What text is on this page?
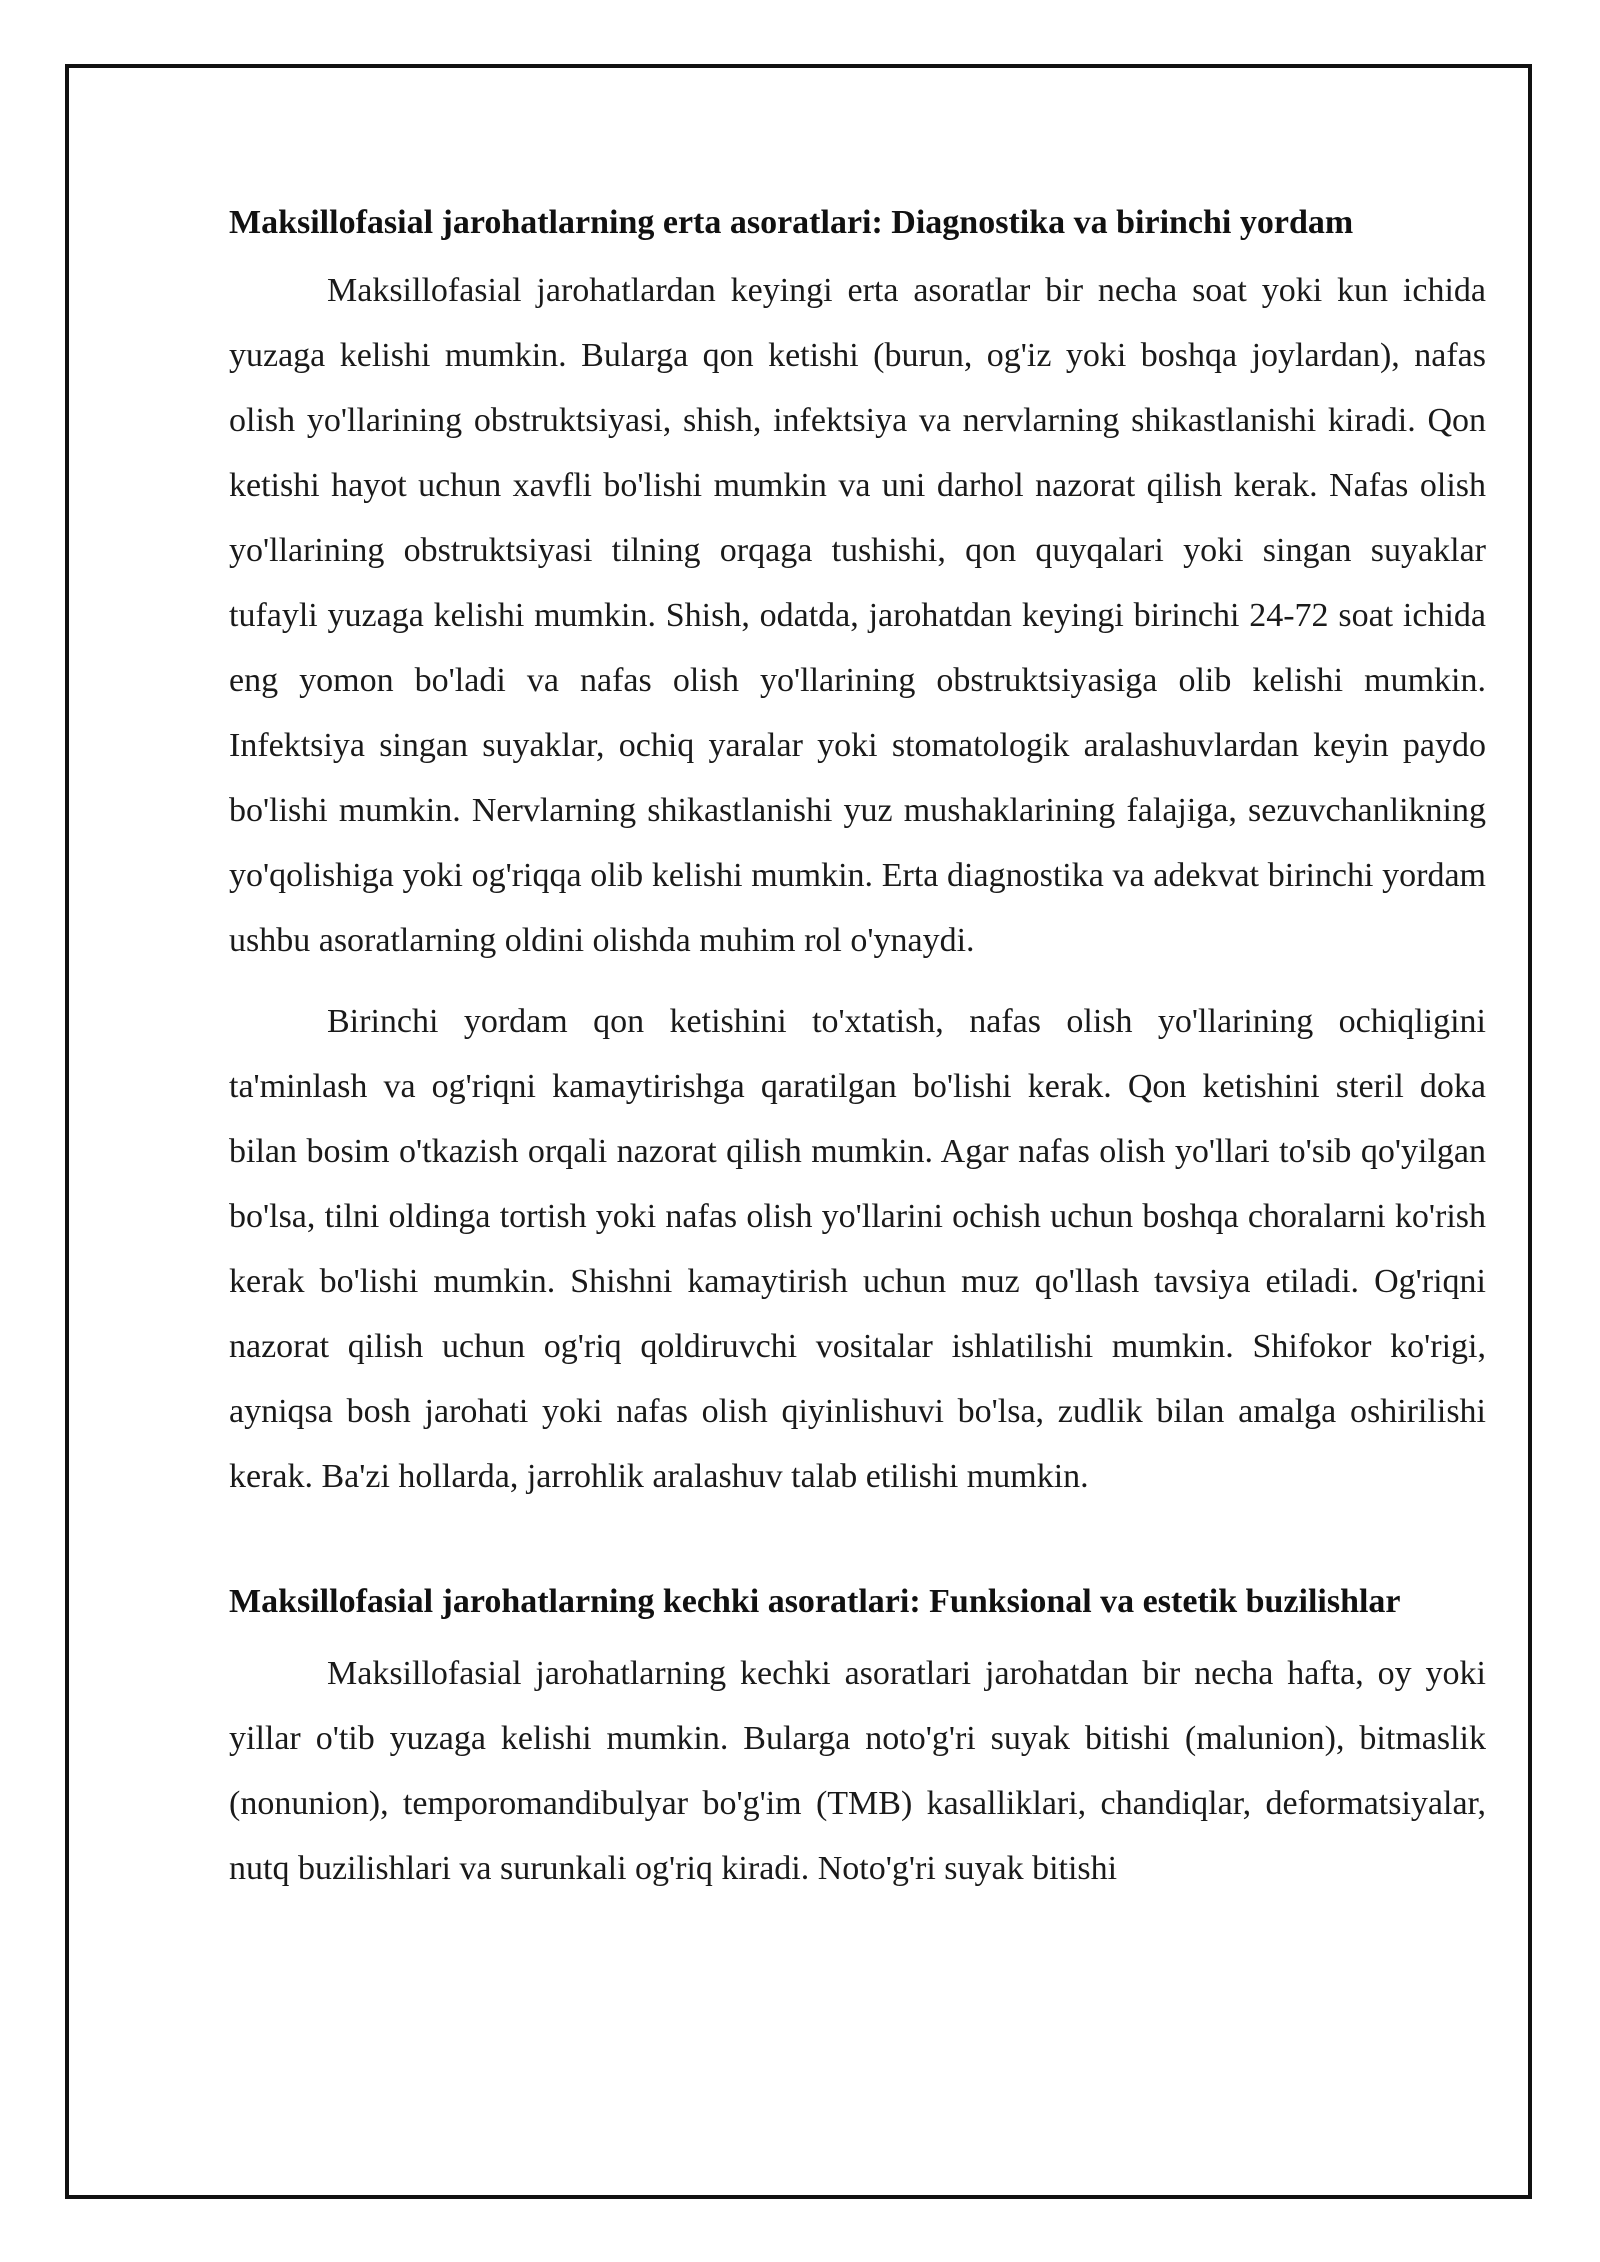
Maksillofasial jarohatlarning erta asoratlari: Diagnostika va birinchi yordam

Maksillofasial jarohatlardan keyingi erta asoratlar bir necha soat yoki kun ichida yuzaga kelishi mumkin. Bularga qon ketishi (burun, og'iz yoki boshqa joylardan), nafas olish yo'llarining obstruktsiyasi, shish, infektsiya va nervlarning shikastlanishi kiradi. Qon ketishi hayot uchun xavfli bo'lishi mumkin va uni darhol nazorat qilish kerak. Nafas olish yo'llarining obstruktsiyasi tilning orqaga tushishi, qon quyqalari yoki singan suyaklar tufayli yuzaga kelishi mumkin. Shish, odatda, jarohatdan keyingi birinchi 24-72 soat ichida eng yomon bo'ladi va nafas olish yo'llarining obstruktsiyasiga olib kelishi mumkin. Infektsiya singan suyaklar, ochiq yaralar yoki stomatologik aralashuvlardan keyin paydo bo'lishi mumkin. Nervlarning shikastlanishi yuz mushaklarining falajiga, sezuvchanlikning yo'qolishiga yoki og'riqqa olib kelishi mumkin. Erta diagnostika va adekvat birinchi yordam ushbu asoratlarning oldini olishda muhim rol o'ynaydi.

Birinchi yordam qon ketishini to'xtatish, nafas olish yo'llarining ochiqligini ta'minlash va og'riqni kamaytirishga qaratilgan bo'lishi kerak. Qon ketishini steril doka bilan bosim o'tkazish orqali nazorat qilish mumkin. Agar nafas olish yo'llari to'sib qo'yilgan bo'lsa, tilni oldinga tortish yoki nafas olish yo'llarini ochish uchun boshqa choralarni ko'rish kerak bo'lishi mumkin. Shishni kamaytirish uchun muz qo'llash tavsiya etiladi. Og'riqni nazorat qilish uchun og'riq qoldiruvchi vositalar ishlatilishi mumkin. Shifokor ko'rigi, ayniqsa bosh jarohati yoki nafas olish qiyinlishuvi bo'lsa, zudlik bilan amalga oshirilishi kerak. Ba'zi hollarda, jarrohlik aralashuv talab etilishi mumkin.

Maksillofasial jarohatlarning kechki asoratlari: Funksional va estetik buzilishlar

Maksillofasial jarohatlarning kechki asoratlari jarohatdan bir necha hafta, oy yoki yillar o'tib yuzaga kelishi mumkin. Bularga noto'g'ri suyak bitishi (malunion), bitmaslik (nonunion), temporomandibulyar bo'g'im (TMB) kasalliklari, chandiqlar, deformatsiyalar, nutq buzilishlari va surunkali og'riq kiradi. Noto'g'ri suyak bitishi
